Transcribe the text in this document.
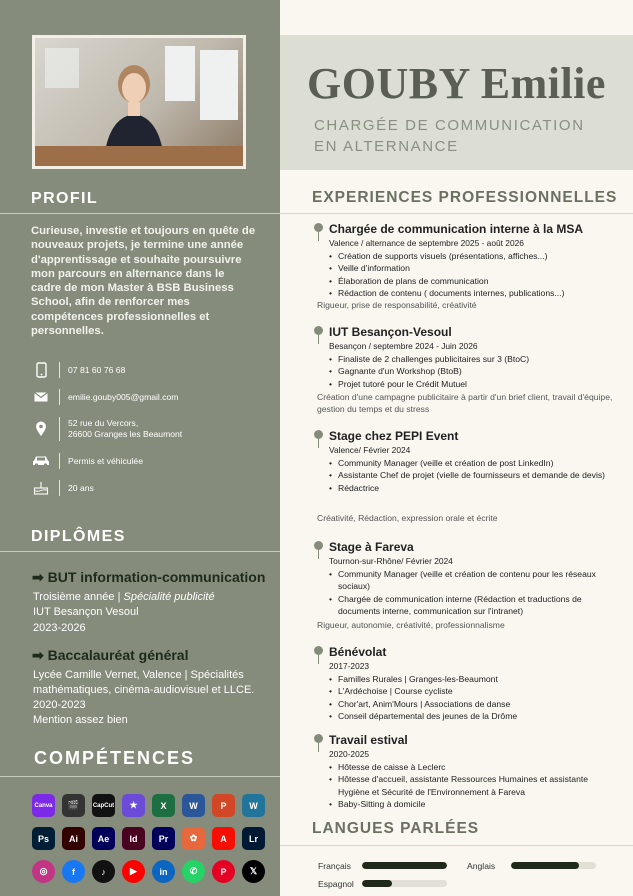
PROFIL
Curieuse, investie et toujours en quête de nouveaux projets, je termine une année d'apprentissage et souhaite poursuivre mon parcours en alternance dans le cadre de mon Master à BSB Business School, afin de renforcer mes compétences professionnelles et personnelles.
07 81 60 76 68
emilie.gouby005@gmail.com
52 rue du Vercors,
26600 Granges les Beaumont
Permis et véhiculée
20 ans
DIPLÔMES
➡ BUT information-communication
Troisième année | Spécialité publicité
IUT Besançon Vesoul
2023-2026
➡ Baccalauréat général
Lycée Camille Vernet, Valence | Spécialités
mathématiques, cinéma-audiovisuel et LLCE.
2020-2023
Mention assez bien
COMPÉTENCES
Canva	🎬	CapCut	★	X	W	P	W
Ps	Ai	Ae	Id	Pr	✿	A	Lr
◎	f	♪	▶	in	✆	P	𝕏
GOUBY Emilie
CHARGÉE DE COMMUNICATION
EN ALTERNANCE
EXPERIENCES PROFESSIONNELLES
Chargée de communication interne à la MSA
Valence / alternance de septembre 2025 - août 2026
• Création de supports visuels (présentations, affiches...)
• Veille d'information
• Élaboration de plans de communication
• Rédaction de contenu ( documents internes, publications...)
Rigueur, prise de responsabilité, créativité
IUT Besançon-Vesoul
Besançon / septembre 2024 - Juin 2026
• Finaliste de 2 challenges publicitaires sur 3 (BtoC)
• Gagnante d'un Workshop (BtoB)
• Projet tutoré pour le Crédit Mutuel
Création d'une campagne publicitaire à partir d'un brief client, travail d'équipe, gestion du temps et du stress
Stage chez PEPI Event
Valence/ Février 2024
• Community Manager (veille et création de post LinkedIn)
• Assistante Chef de projet (vielle de fournisseurs et demande de devis)
• Rédactrice
Créativité, Rédaction, expression orale et écrite
Stage à Fareva
Tournon-sur-Rhône/ Février 2024
• Community Manager (veille et création de contenu pour les réseaux sociaux)
• Chargée de communication interne (Rédaction et traductions de documents interne, communication sur l'intranet)
Rigueur, autonomie, créativité, professionnalisme
Bénévolat
2017-2023
• Familles Rurales | Granges-les-Beaumont
• L'Ardéchoise | Course cycliste
• Chor'art, Anim'Mours | Associations de danse
• Conseil départemental des jeunes de la Drôme
Travail estival
2020-2025
• Hôtesse de caisse à Leclerc
• Hôtesse d'accueil, assistante Ressources Humaines et assistante Hygiène et Sécurité de l'Environnement à Fareva
• Baby-Sitting à domicile
LANGUES PARLÉES
Français	Anglais
Espagnol
